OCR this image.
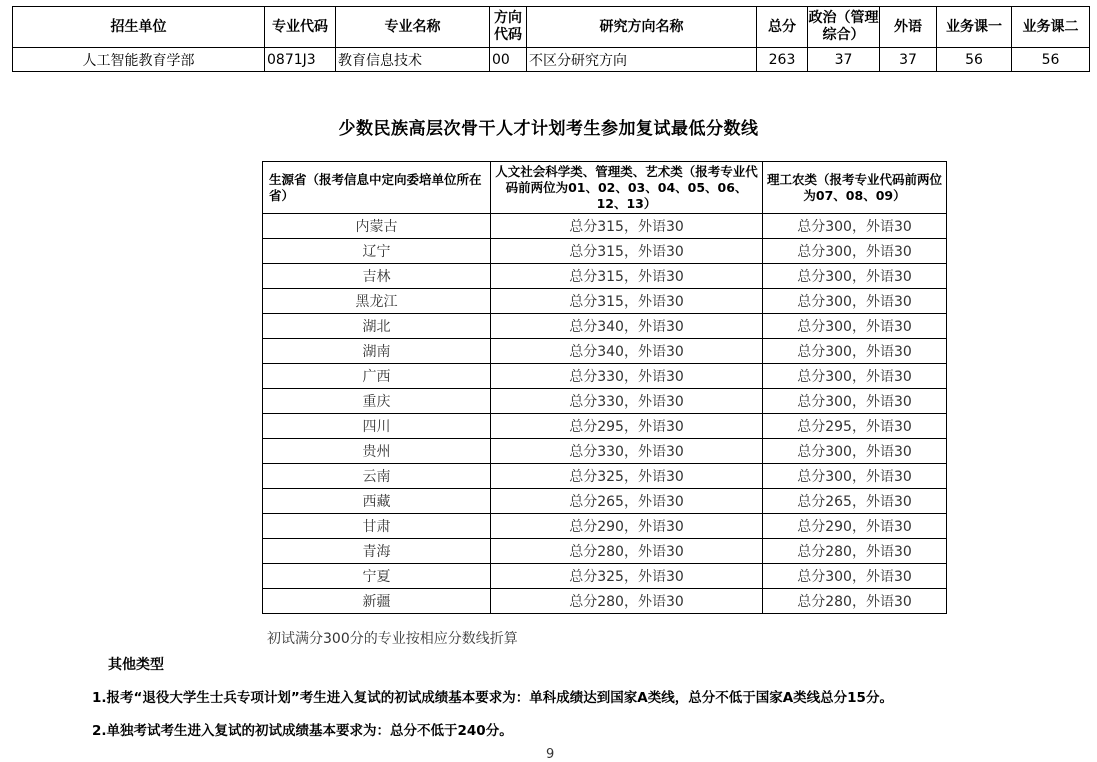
招生单位	专业代码	专业名称	方向代码	研究方向名称	总分	政治（管理综合）	外语	业务课一	业务课二
人工智能教育学部	0871J3	教育信息技术	00	不区分研究方向	263	37	37	56	56
少数民族高层次骨干人才计划考生参加复试最低分数线
生源省（报考信息中定向委培单位所在省）	人文社会科学类、管理类、艺术类（报考专业代码前两位为01、02、03、04、05、06、12、13）	理工农类（报考专业代码前两位为07、08、09）
内蒙古	总分315，外语30	总分300，外语30
辽宁	总分315，外语30	总分300，外语30
吉林	总分315，外语30	总分300，外语30
黑龙江	总分315，外语30	总分300，外语30
湖北	总分340，外语30	总分300，外语30
湖南	总分340，外语30	总分300，外语30
广西	总分330，外语30	总分300，外语30
重庆	总分330，外语30	总分300，外语30
四川	总分295，外语30	总分295，外语30
贵州	总分330，外语30	总分300，外语30
云南	总分325，外语30	总分300，外语30
西藏	总分265，外语30	总分265，外语30
甘肃	总分290，外语30	总分290，外语30
青海	总分280，外语30	总分280，外语30
宁夏	总分325，外语30	总分300，外语30
新疆	总分280，外语30	总分280，外语30
初试满分300分的专业按相应分数线折算
其他类型
1.报考“退役大学生士兵专项计划”考生进入复试的初试成绩基本要求为：单科成绩达到国家A类线，总分不低于国家A类线总分15分。
2.单独考试考生进入复试的初试成绩基本要求为：总分不低于240分。
9
